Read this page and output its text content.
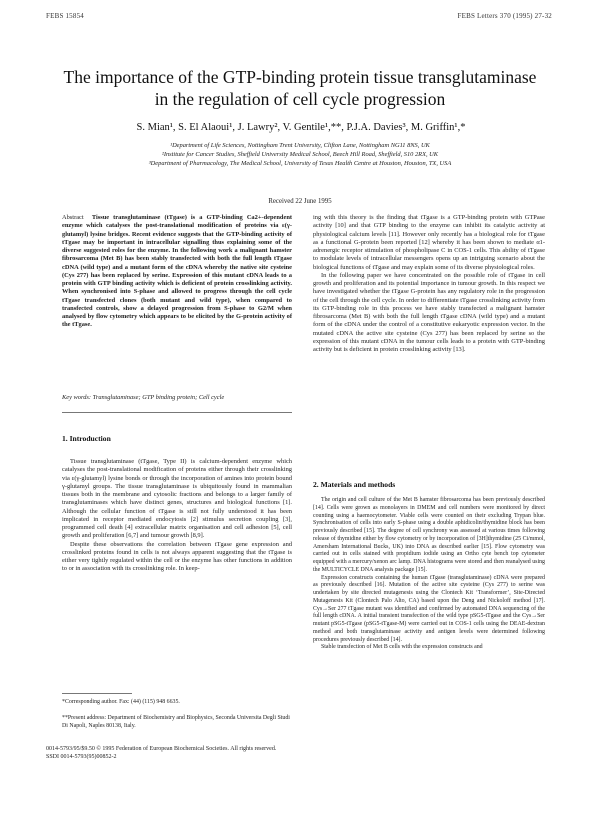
FEBS 15854	FEBS Letters 370 (1995) 27-32
The importance of the GTP-binding protein tissue transglutaminase in the regulation of cell cycle progression
S. Mian¹, S. El Alaoui¹, J. Lawry², V. Gentile¹,**, P.J.A. Davies³, M. Griffin¹,*
¹Department of Life Sciences, Nottingham Trent University, Clifton Lane, Nottingham NG11 8NS, UK
²Institute for Cancer Studies, Sheffield University Medical School, Beech Hill Road, Sheffield, S10 2RX, UK
³Department of Pharmacology, The Medical School, University of Texas Health Centre at Houston, Houston, TX, USA
Received 22 June 1995

Abstract Tissue transglutaminase (tTgase) is a GTP-binding Ca2+-dependent enzyme which catalyses the post-translational modification of proteins via ε(γ-glutamyl) lysine bridges. Recent evidence suggests that the GTP-binding activity of tTgase may be important in intracellular signalling thus explaining some of the diverse suggested roles for the enzyme. In the following work a malignant hamster fibrosarcoma (Met B) has been stably transfected with both the full length tTgase cDNA (wild type) and a mutant form of the cDNA whereby the native site cysteine (Cys 277) has been replaced by serine. Expression of this mutant cDNA leads to a protein with GTP binding activity which is deficient of protein crosslinking activity. When synchronised into S-phase and allowed to progress through the cell cycle tTgase transfected clones (both mutant and wild type), when compared to transfected controls, show a delayed progression from S-phase to G2/M when analysed by flow cytometry which appears to be elicited by the G-protein activity of the tTgase.

Key words: Transglutaminase; GTP binding protein; Cell cycle

1. Introduction

Tissue transglutaminase (tTgase, Type II) is calcium-dependent enzyme which catalyses the post-translational modification of proteins either through their crosslinking via ε(γ-glutamyl) lysine bonds or through the incorporation of amines into protein bound γ-glutamyl groups. The tissue transglutaminase is ubiquitously found in mammalian tissues both in the membrane and cytosolic fractions and belongs to a larger family of transglutaminases which have distinct genes, structures and biological functions [1]. Although the cellular function of tTgase is still not fully understood it has been implicated in receptor mediated endocytosis [2] stimulus secretion coupling [3], programmed cell death [4] extracellular matrix organisation and cell adhesion [5], cell growth and proliferation [6,7] and tumour growth [8,9].

Despite these observations the correlation between tTgase gene expression and crosslinked proteins found in cells is not always apparent suggesting that the tTgase is either very tightly regulated within the cell or the enzyme has other functions in addition to or in association with its crosslinking role. In keep-

ing with this theory is the finding that tTgase is a GTP-binding protein with GTPase activity [10] and that GTP binding to the enzyme can inhibit its catalytic activity at physiological calcium levels [11]. However only recently has a biological role for tTgase as a functional G-protein been reported [12] whereby it has been shown to mediate α1-adrenergic receptor stimulation of phospholipase C in COS-1 cells. This ability of tTgase to modulate levels of intracellular messengers opens up an intriguing scenario about the biological functions of tTgase and may explain some of its diverse physiological roles.

In the following paper we have concentrated on the possible role of tTgase in cell growth and proliferation and its potential importance in tumour growth. In this respect we have investigated whether the tTgase G-protein has any regulatory role in the progression of the cell through the cell cycle. In order to differentiate tTgase crosslinking activity from its GTP-binding role in this process we have stably transfected a malignant hamster fibrosarcoma (Met B) with both the full length tTgase cDNA (wild type) and a mutant form of the cDNA under the control of a constitutive eukaryotic expression vector. In the mutated cDNA the active site cysteine (Cys 277) has been replaced by serine so the expression of this mutant cDNA in the tumour cells leads to a protein with GTP-binding activity but is deficient in protein crosslinking activity [13].

2. Materials and methods

The origin and cell culture of the Met B hamster fibrosarcoma has been previously described [14]. Cells were grown as monolayers in DMEM and cell numbers were monitored by direct counting using a haemocytometer. Viable cells were counted on their excluding Trypan blue. Synchronisation of cells into early S-phase using a double aphidicolin/thymidine block has been previously described [15]. The degree of cell synchrony was assessed at various times following release of thymidine either by flow cytometry or by incorporation of [3H]thymidine (25 Ci/mmol, Amersham International Bucks, UK) into DNA as described earlier [15]. Flow cytometry was carried out in cells stained with propidium iodide using an Ortho cyte bench top cytometer equipped with a mercury/xenon arc lamp. DNA histograms were stored and then reanalysed using the MULTICYCLE DNA analysis package [15].

Expression constructs containing the human tTgase (transglutaminase) cDNA were prepared as previously described [16]. Mutation of the active site cysteine (Cys 277) to serine was undertaken by site directed mutagenesis using the Clontech Kit ‘Transformer’, Site-Directed Mutagenesis Kit (Clontech Palo Alto, CA) based upon the Deng and Nickoloff method [17]. Cys→Ser 277 tTgase mutant was identified and confirmed by automated DNA sequencing of the full length cDNA. A initial transient transfection of the wild type pSG5-tTgase and the Cys→Ser mutant pSG5-tTgase (pSG5-tTgase-M) were carried out in COS-1 cells using the DEAE-dextran method and both transglutaminase activity and antigen levels were determined following procedures previously described [14].

Stable transfection of Met B cells with the expression constructs and

*Corresponding author. Fax: (44) (115) 948 6635.
**Present address: Department of Biochemistry and Biophysics, Seconda Universita Degli Studi Di Napoli, Naples 80138, Italy.
0014-5793/95/$9.50 © 1995 Federation of European Biochemical Societies. All rights reserved.
SSDI 0014-5793(95)00852-2
